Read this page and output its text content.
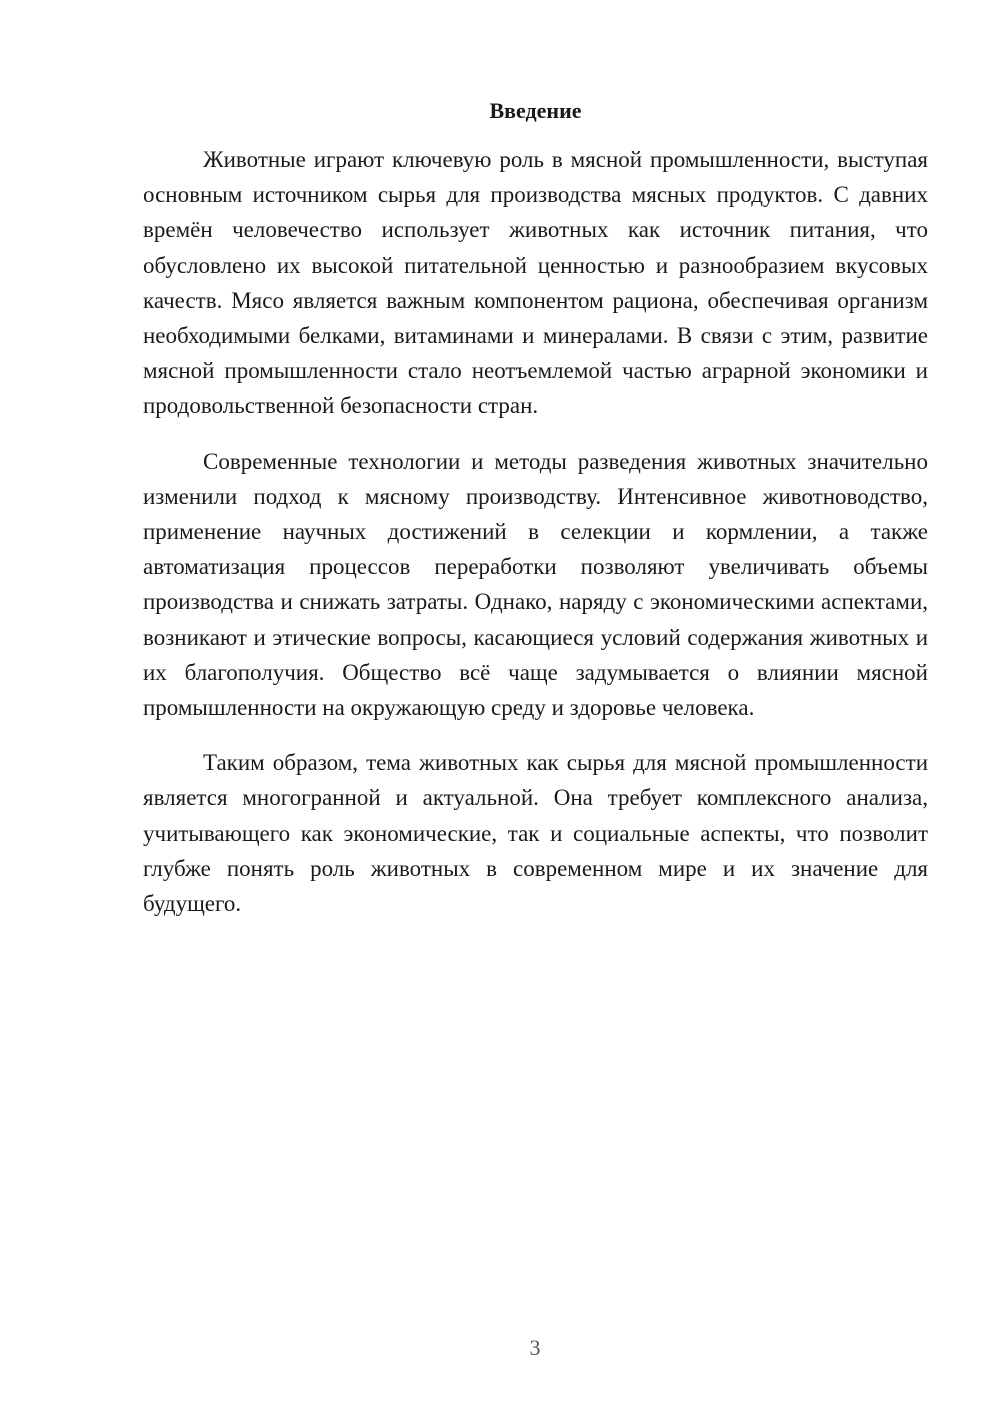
Введение

Животные играют ключевую роль в мясной промышленности, выступая основным источником сырья для производства мясных продуктов. С давних времён человечество использует животных как источник питания, что обусловлено их высокой питательной ценностью и разнообразием вкусовых качеств. Мясо является важным компонентом рациона, обеспечивая организм необходимыми белками, витаминами и минералами. В связи с этим, развитие мясной промышленности стало неотъемлемой частью аграрной экономики и продовольственной безопасности стран.

Современные технологии и методы разведения животных значительно изменили подход к мясному производству. Интенсивное животноводство, применение научных достижений в селекции и кормлении, а также автоматизация процессов переработки позволяют увеличивать объемы производства и снижать затраты. Однако, наряду с экономическими аспектами, возникают и этические вопросы, касающиеся условий содержания животных и их благополучия. Общество всё чаще задумывается о влиянии мясной промышленности на окружающую среду и здоровье человека.

Таким образом, тема животных как сырья для мясной промышленности является многогранной и актуальной. Она требует комплексного анализа, учитывающего как экономические, так и социальные аспекты, что позволит глубже понять роль животных в современном мире и их значение для будущего.

3
